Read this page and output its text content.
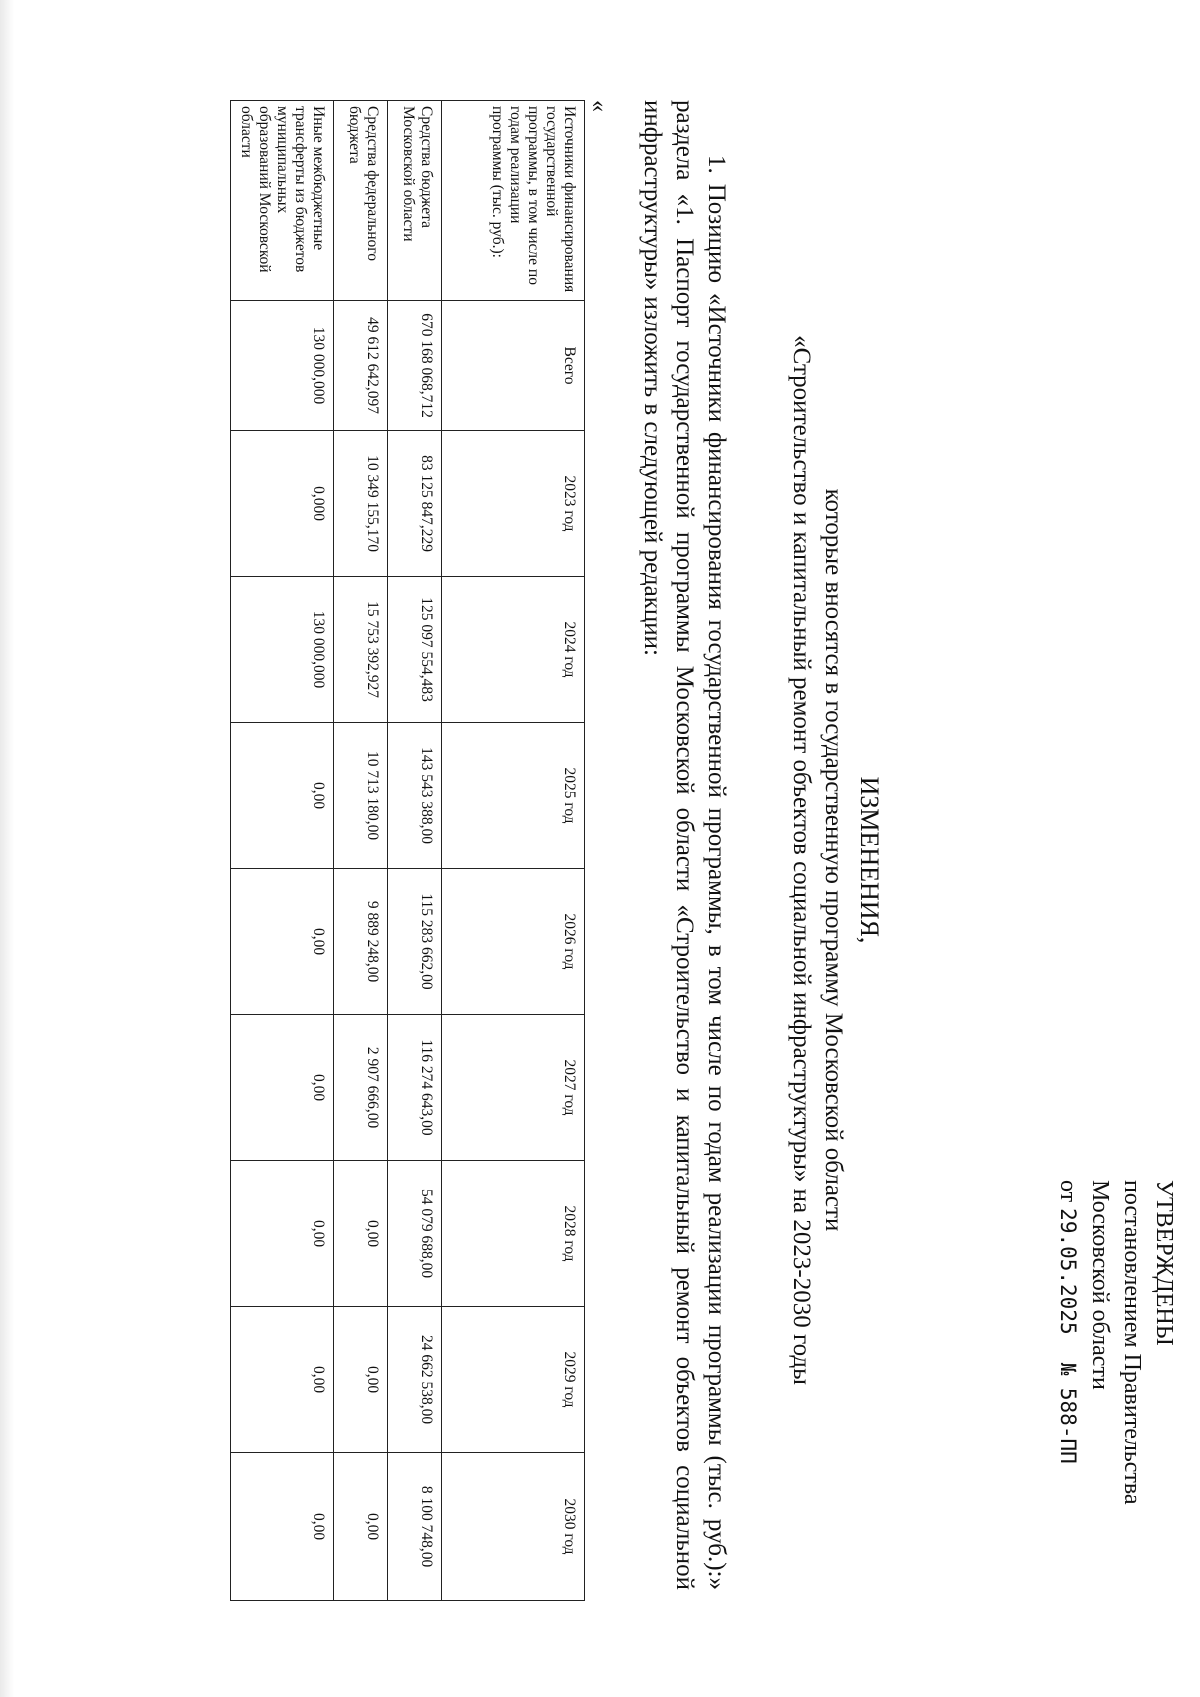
УТВЕРЖДЕНЫ
постановлением Правительства
Московской области
от 29.05.2025 № 588-ПП
ИЗМЕНЕНИЯ,
которые вносятся в государственную программу Московской области
«Строительство и капитальный ремонт объектов социальной инфраструктуры» на 2023-2030 годы
1. Позицию «Источники финансирования государственной программы, в том числе по годам реализации программы (тыс. руб.):» раздела «1. Паспорт государственной программы Московской области «Строительство и капитальный ремонт объектов социальной инфраструктуры» изложить в следующей редакции:
«
Источники финансирования государственной программы, в том числе по годам реализации программы (тыс. руб.):	Всего	2023 год	2024 год	2025 год	2026 год	2027 год	2028 год	2029 год	2030 год
Средства бюджета Московской области	670 168 068,712	83 125 847,229	125 097 554,483	143 543 388,00	115 283 662,00	116 274 643,00	54 079 688,00	24 662 538,00	8 100 748,00
Средства федерального бюджета	49 612 642,097	10 349 155,170	15 753 392,927	10 713 180,00	9 889 248,00	2 907 666,00	0,00	0,00	0,00
Иные межбюджетные трансферты из бюджетов муниципальных образований Московской области	130 000,000	0,000	130 000,000	0,00	0,00	0,00	0,00	0,00	0,00
